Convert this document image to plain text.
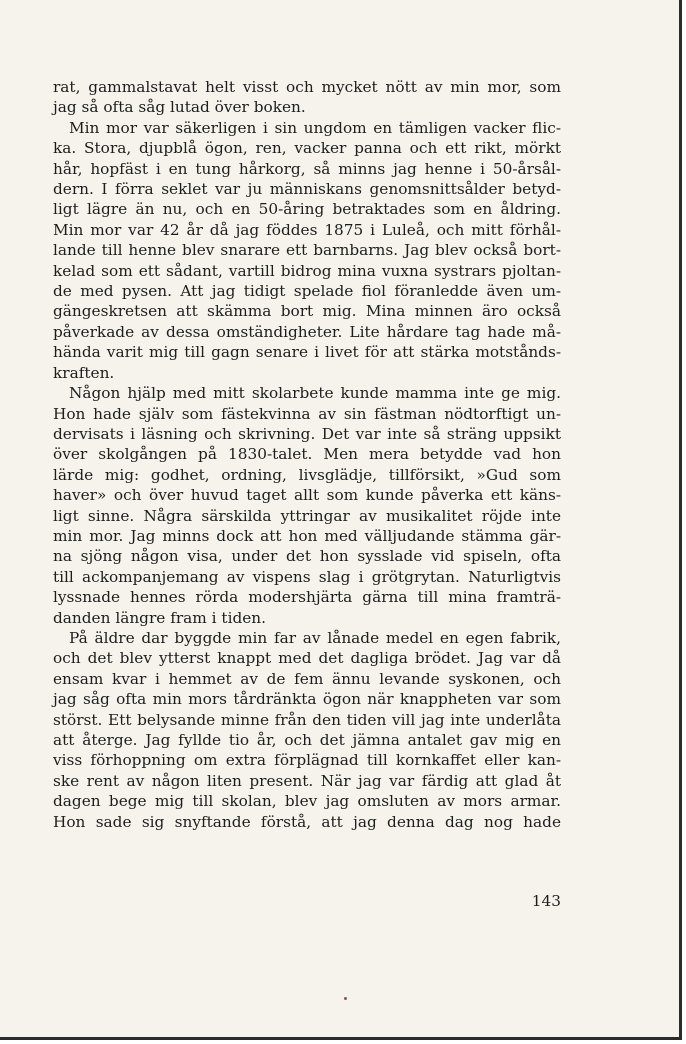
rat, gammalstavat helt visst och mycket nött av min mor, som
jag så ofta såg lutad över boken.

Min mor var säkerligen i sin ungdom en tämligen vacker flic-
ka. Stora, djupblå ögon, ren, vacker panna och ett rikt, mörkt
hår, hopfäst i en tung hårkorg, så minns jag henne i 50-årsål-
dern. I förra seklet var ju människans genomsnittsålder betyd-
ligt lägre än nu, och en 50-åring betraktades som en åldring.
Min mor var 42 år då jag föddes 1875 i Luleå, och mitt förhål-
lande till henne blev snarare ett barnbarns. Jag blev också bort-
kelad som ett sådant, vartill bidrog mina vuxna systrars pjoltan-
de med pysen. Att jag tidigt spelade fiol föranledde även um-
gängeskretsen att skämma bort mig. Mina minnen äro också
påverkade av dessa omständigheter. Lite hårdare tag hade må-
hända varit mig till gagn senare i livet för att stärka motstånds-
kraften.

Någon hjälp med mitt skolarbete kunde mamma inte ge mig.
Hon hade själv som fästekvinna av sin fästman nödtorftigt un-
dervisats i läsning och skrivning. Det var inte så sträng uppsikt
över skolgången på 1830-talet. Men mera betydde vad hon
lärde mig: godhet, ordning, livsglädje, tillförsikt, »Gud som
haver» och över huvud taget allt som kunde påverka ett käns-
ligt sinne. Några särskilda yttringar av musikalitet röjde inte
min mor. Jag minns dock att hon med välljudande stämma gär-
na sjöng någon visa, under det hon sysslade vid spiseln, ofta
till ackompanjemang av vispens slag i grötgrytan. Naturligtvis
lyssnade hennes rörda modershjärta gärna till mina framträ-
danden längre fram i tiden.

På äldre dar byggde min far av lånade medel en egen fabrik,
och det blev ytterst knappt med det dagliga brödet. Jag var då
ensam kvar i hemmet av de fem ännu levande syskonen, och
jag såg ofta min mors tårdränkta ögon när knappheten var som
störst. Ett belysande minne från den tiden vill jag inte underlåta
att återge. Jag fyllde tio år, och det jämna antalet gav mig en
viss förhoppning om extra förplägnad till kornkaffet eller kan-
ske rent av någon liten present. När jag var färdig att glad åt
dagen bege mig till skolan, blev jag omsluten av mors armar.
Hon sade sig snyftande förstå, att jag denna dag nog hade

143
